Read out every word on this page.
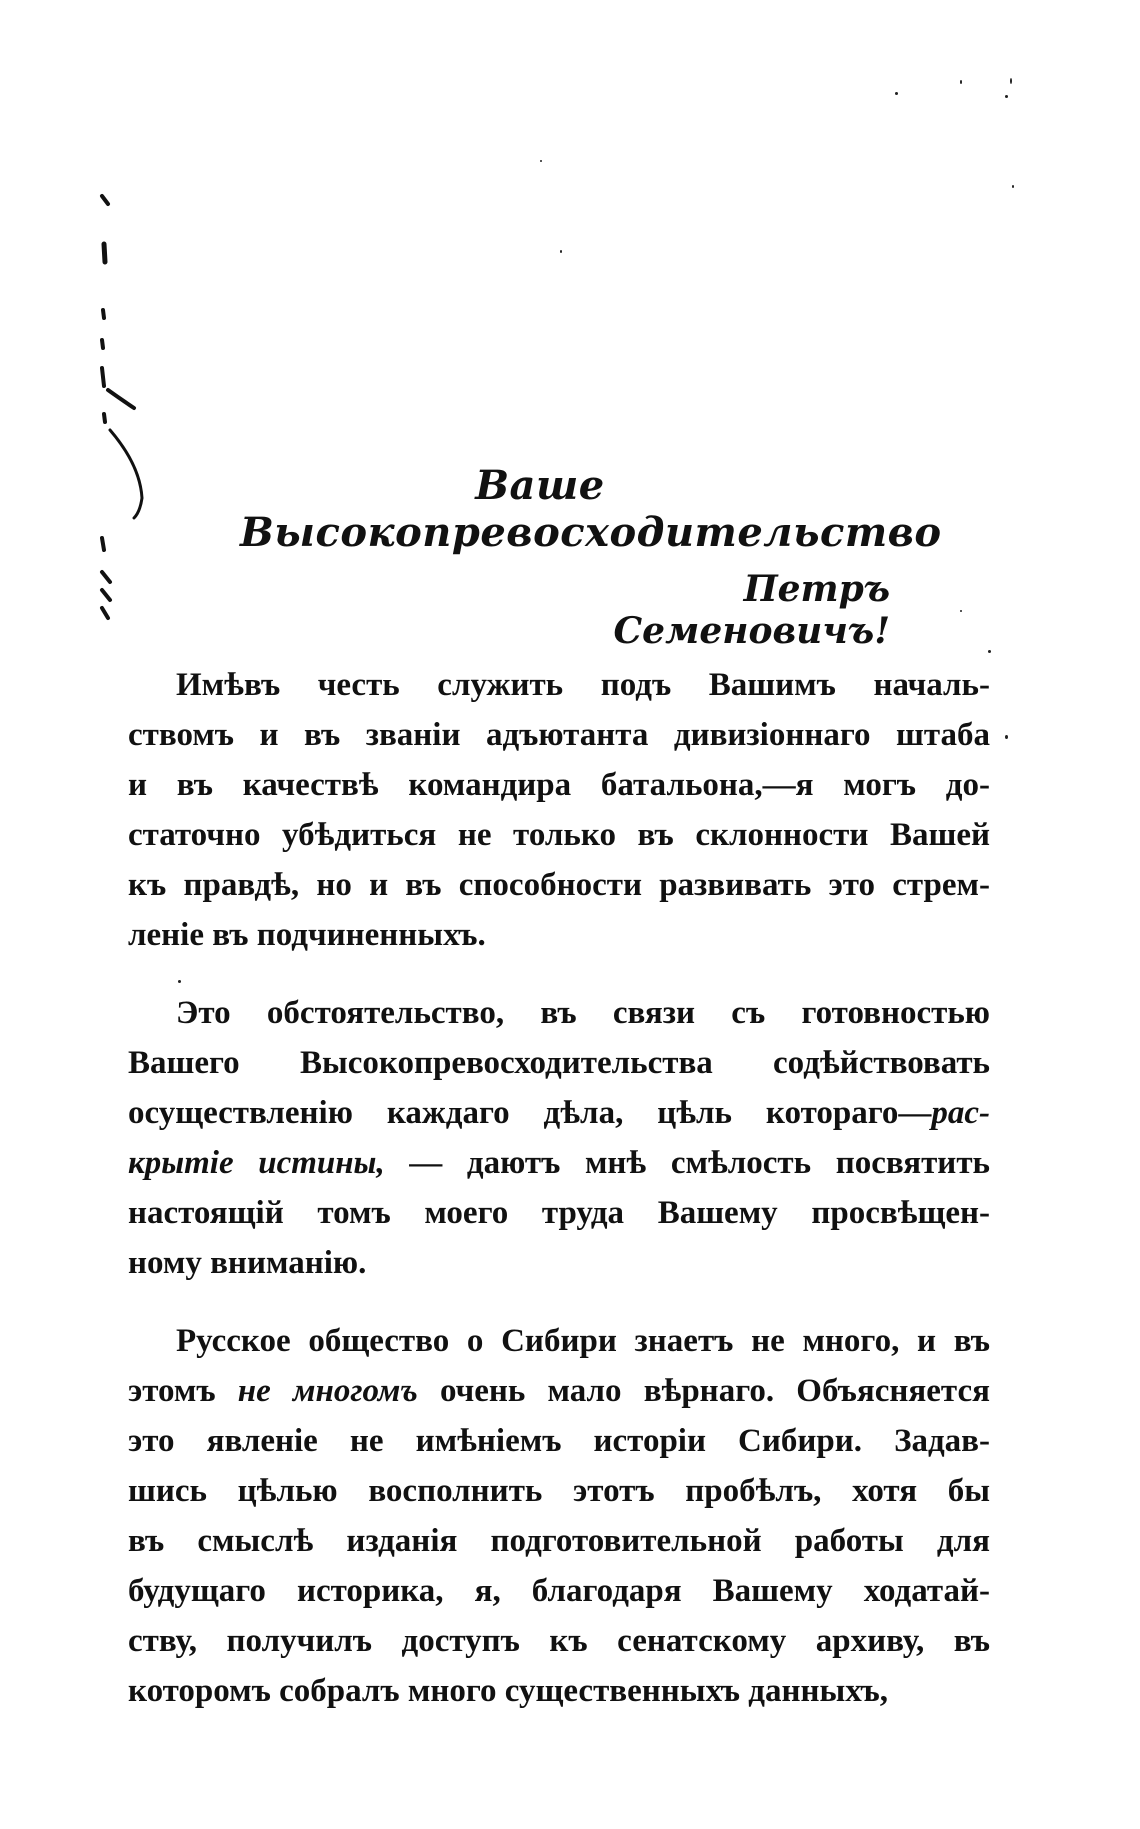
Ваше Высокопревосходительство
Петръ Семеновичъ!
Имѣвъ честь служить подъ Вашимъ началь-
ствомъ и въ званiи адъютанта дивизiоннаго штаба
и въ качествѣ командира батальона,—я могъ до-
статочно убѣдиться не только въ склонности Вашей
къ правдѣ, но и въ способности развивать это стрем-
ленiе въ подчиненныхъ.
Это обстоятельство, въ связи съ готовностью
Вашего Высокопревосходительства содѣйствовать
осуществленiю каждаго дѣла, цѣль котораго—рас-
крытiе истины, — даютъ мнѣ смѣлость посвятить
настоящiй томъ моего труда Вашему просвѣщен-
ному вниманiю.
Русское общество о Сибири знаетъ не много, и въ
этомъ не многомъ очень мало вѣрнаго. Объясняется
это явленiе не имѣнiемъ исторiи Сибири. Задав-
шись цѣлью восполнить этотъ пробѣлъ, хотя бы
въ смыслѣ изданiя подготовительной работы для
будущаго историка, я, благодаря Вашему ходатай-
ству, получилъ доступъ къ сенатскому архиву, въ
которомъ собралъ много существенныхъ данныхъ,
